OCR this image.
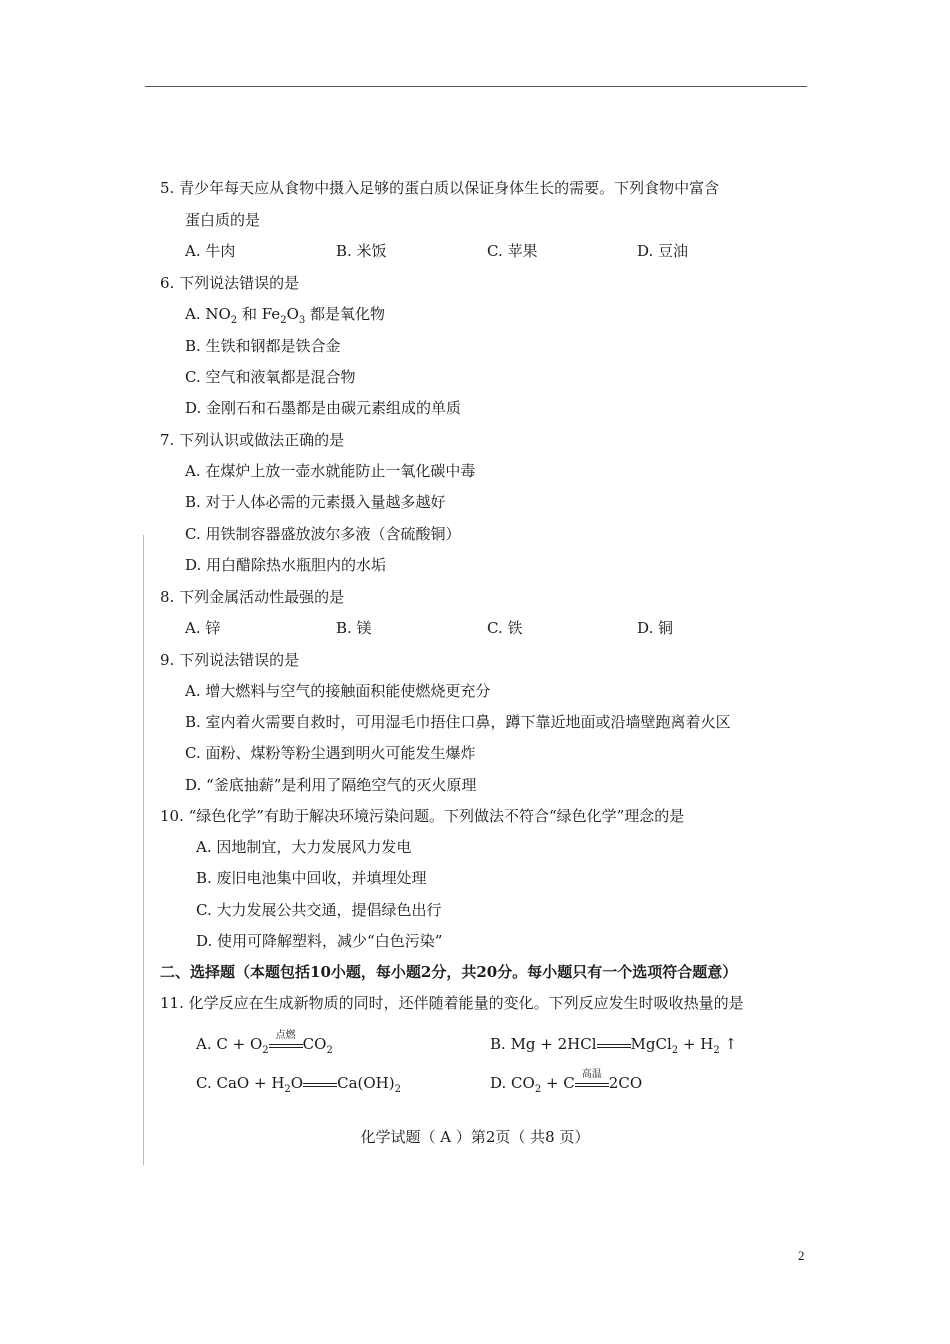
5. 青少年每天应从食物中摄入足够的蛋白质以保证身体生长的需要。下列食物中富含
蛋白质的是
A. 牛肉	B. 米饭	C. 苹果	D. 豆油
6. 下列说法错误的是
A. $NO_2$ 和 $Fe_2O_3$ 都是氧化物
B. 生铁和钢都是铁合金
C. 空气和液氧都是混合物
D. 金刚石和石墨都是由碳元素组成的单质
7. 下列认识或做法正确的是
A. 在煤炉上放一壶水就能防止一氧化碳中毒
B. 对于人体必需的元素摄入量越多越好
C. 用铁制容器盛放波尔多液（含硫酸铜）
D. 用白醋除热水瓶胆内的水垢
8. 下列金属活动性最强的是
A. 锌	B. 镁	C. 铁	D. 铜
9. 下列说法错误的是
A. 增大燃料与空气的接触面积能使燃烧更充分
B. 室内着火需要自救时，可用湿毛巾捂住口鼻，蹲下靠近地面或沿墙壁跑离着火区
C. 面粉、煤粉等粉尘遇到明火可能发生爆炸
D. “釜底抽薪”是利用了隔绝空气的灭火原理
10. “绿色化学”有助于解决环境污染问题。下列做法不符合“绿色化学”理念的是
A. 因地制宜，大力发展风力发电
B. 废旧电池集中回收，并填埋处理
C. 大力发展公共交通，提倡绿色出行
D. 使用可降解塑料，减少“白色污染”
二、选择题（本题包括10小题，每小题2分，共20分。每小题只有一个选项符合题意）
11. 化学反应在生成新物质的同时，还伴随着能量的变化。下列反应发生时吸收热量的是
A. $C + O_2$
点燃 $CO_2$	B. Mg + 2HCl MgCl$_2$ + $H_2$ ↑
C. CaO + $H_2O$ $Ca(OH)_2$	D. $CO_2 + C$ 高温 2CO
化学试题（ A ）第2页（ 共8 页）
2
